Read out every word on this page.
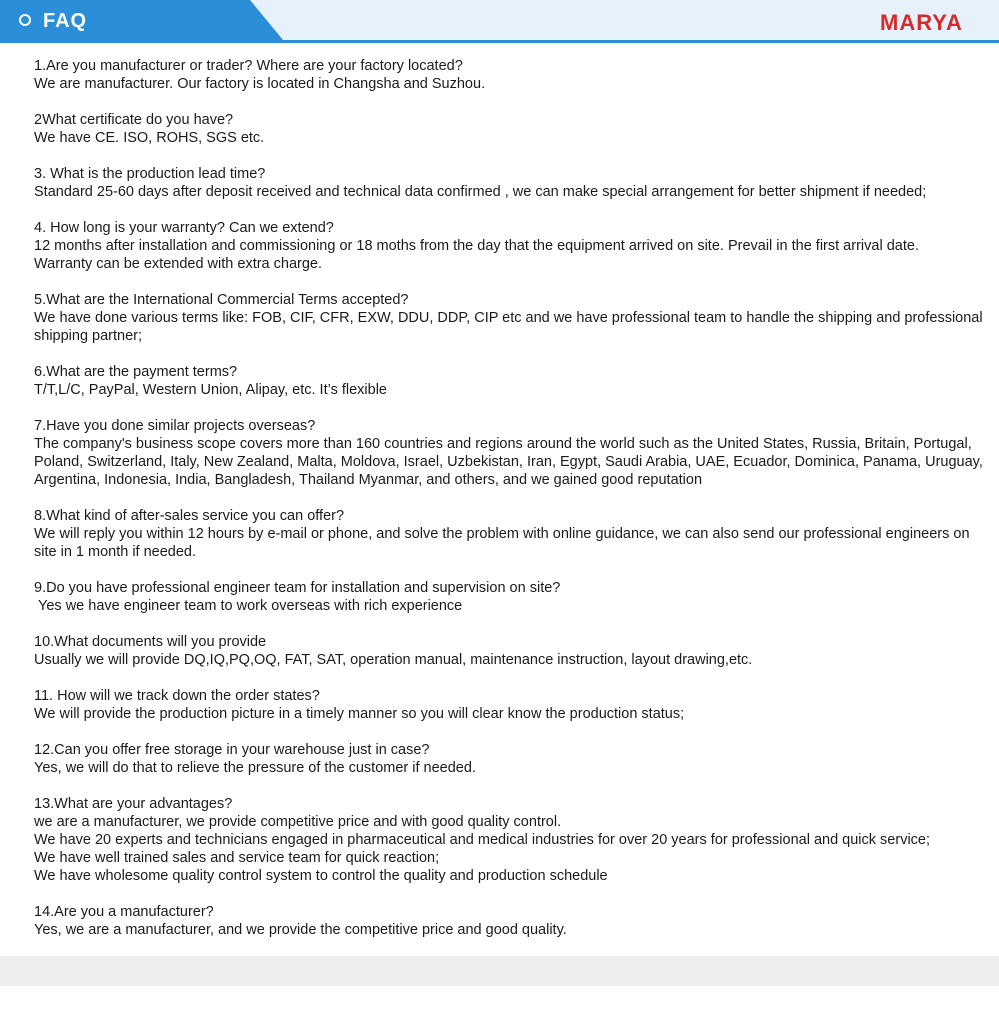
FAQ	MARYA

1.Are you manufacturer or trader? Where are your factory located?

We are manufacturer. Our factory is located in Changsha and Suzhou.

2What certificate do you have?

We have CE. ISO, ROHS, SGS etc.

3. What is the production lead time?

Standard 25-60 days after deposit received and technical data confirmed , we can make special arrangement for better shipment if needed;

4. How long is your warranty? Can we extend?

12 months after installation and commissioning or 18 moths from the day that the equipment arrived on site. Prevail in the first arrival date.

Warranty can be extended with extra charge.

5.What are the International Commercial Terms accepted?

We have done various terms like: FOB, CIF, CFR, EXW, DDU, DDP, CIP etc and we have professional team to handle the shipping and professional shipping partner;

6.What are the payment terms?

T/T,L/C, PayPal, Western Union, Alipay, etc. It’s flexible

7.Have you done similar projects overseas?

The company's business scope covers more than 160 countries and regions around the world such as the United States, Russia, Britain, Portugal, Poland, Switzerland, Italy, New Zealand, Malta, Moldova, Israel, Uzbekistan, Iran, Egypt, Saudi Arabia, UAE, Ecuador, Dominica, Panama, Uruguay, Argentina, Indonesia, India, Bangladesh, Thailand Myanmar, and others, and we gained good reputation

8.What kind of after-sales service you can offer?

We will reply you within 12 hours by e-mail or phone, and solve the problem with online guidance, we can also send our professional engineers on site in 1 month if needed.

9.Do you have professional engineer team for installation and supervision on site?

Yes we have engineer team to work overseas with rich experience

10.What documents will you provide

Usually we will provide DQ,IQ,PQ,OQ, FAT, SAT, operation manual, maintenance instruction, layout drawing,etc.

11. How will we track down the order states?

We will provide the production picture in a timely manner so you will clear know the production status;

12.Can you offer free storage in your warehouse just in case?

Yes, we will do that to relieve the pressure of the customer if needed.

13.What are your advantages?

we are a manufacturer, we provide competitive price and with good quality control.

We have 20 experts and technicians engaged in pharmaceutical and medical industries for over 20 years for professional and quick service;

We have well trained sales and service team for quick reaction;

We have wholesome quality control system to control the quality and production schedule

14.Are you a manufacturer?

Yes, we are a manufacturer, and we provide the competitive price and good quality.
